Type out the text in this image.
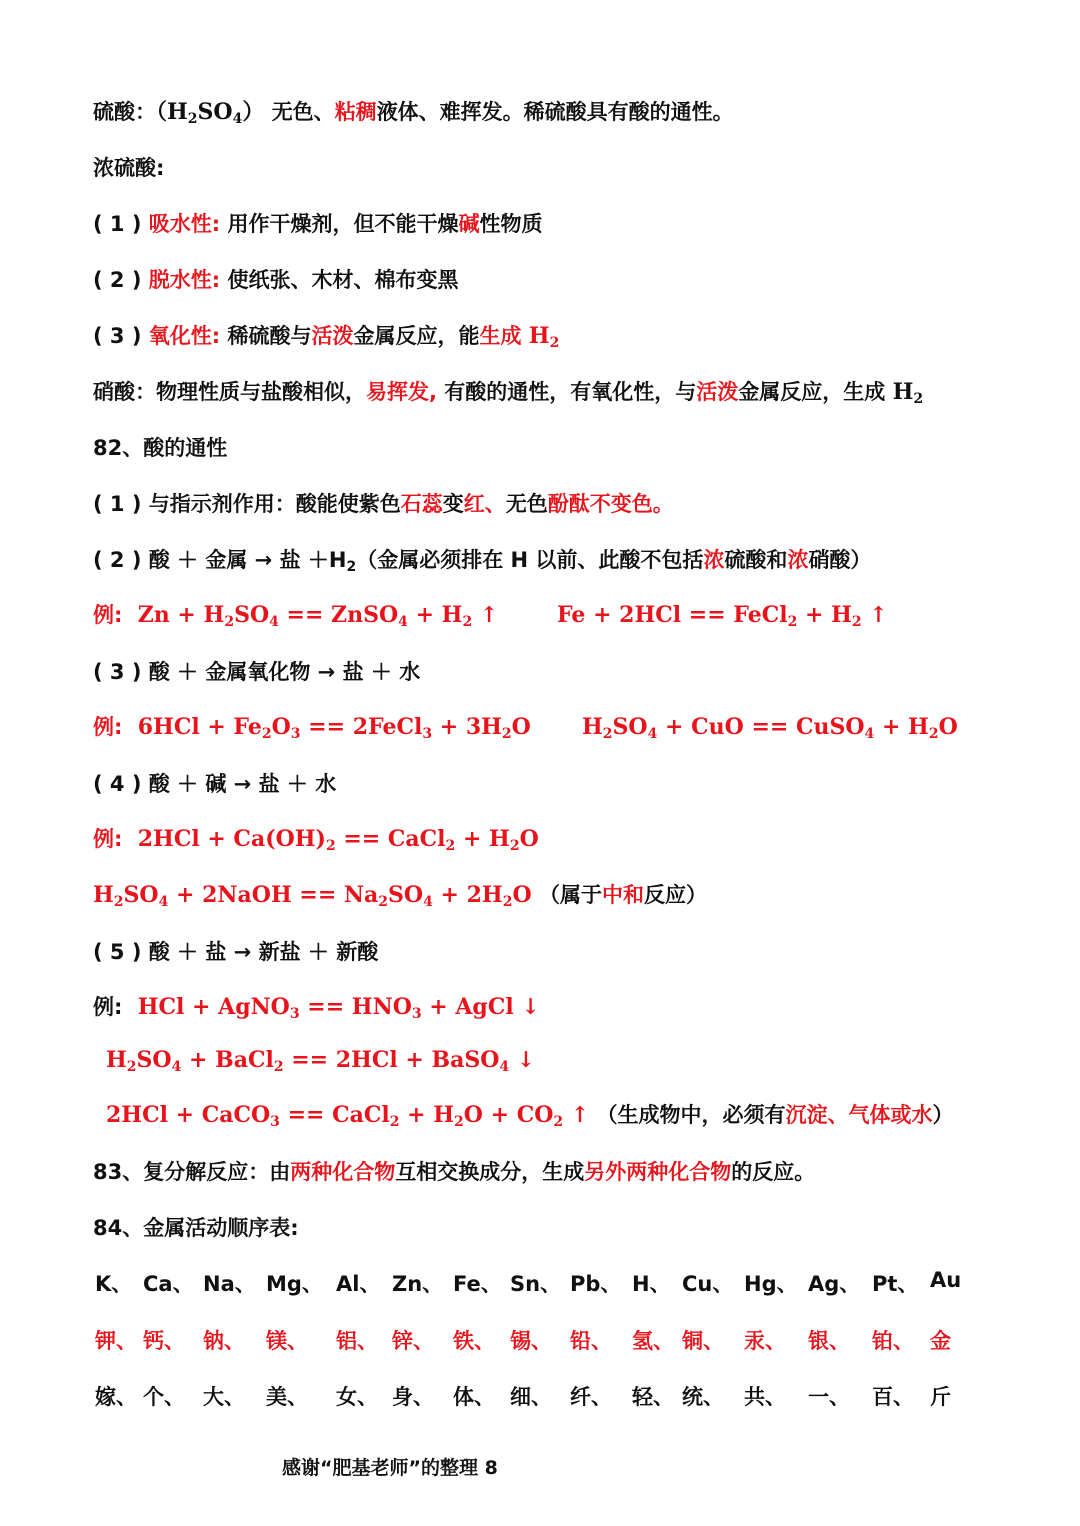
硫酸：$(H_2SO_4)$ 无色、粘稠液体、难挥发。稀硫酸具有酸的通性。
浓硫酸:
( 1 ) 吸水性: 用作干燥剂，但不能干燥碱性物质
( 2 ) 脱水性: 使纸张、木材、棉布变黑
( 3 ) 氧化性: 稀硫酸与活泼金属反应，能生成 $H_2$
硝酸：物理性质与盐酸相似，易挥发, 有酸的通性，有氧化性，与活泼金属反应，生成 $H_2$
82、酸的通性
( 1 ) 与指示剂作用：酸能使紫色石蕊变红、无色酚酞不变色。
( 2 ) 酸 ＋ 金属 → 盐 $+H_2$（金属必须排在 H 以前、此酸不包括浓硫酸和浓硝酸）
例: $Zn + H_2SO_4$ == ZnSO$_4$ + $H_2$ ↑	Fe + 2HCl == FeCl$_2$ + $H_2$ ↑
( 3 ) 酸 ＋ 金属氧化物 → 盐 ＋ 水
例: $6HCl + Fe_2O_3$ == 2FeCl$_3$ + $3H_2O$ $H_2SO_4$ + CuO == CuSO$_4$ + $H_2O$
( 4 ) 酸 ＋ 碱 → 盐 ＋ 水
例: $2HCl + Ca(OH)_2$ == CaCl$_2$ + $H_2O$
$H_2SO_4$ + 2NaOH == $Na_2SO_4 + 2H_2O$ （属于中和反应）
( 5 ) 酸 ＋ 盐 → 新盐 ＋ 新酸
例: HCl + AgNO$_3$ == $HNO_3$ + AgCl ↓
$H_2SO_4$ + BaCl$_2$ == 2HCl + BaSO$_4$ ↓
2HCl + CaCO$_3$ == CaCl$_2$ + $H_2O + CO_2$ ↑ （生成物中，必须有沉淀、气体或水）
83、复分解反应：由两种化合物互相交换成分，生成另外两种化合物的反应。
84、金属活动顺序表:
K、 Ca、 Na、 Mg、 Al、 Zn、 Fe、 Sn、 Pb、 H、 Cu、 Hg、 Ag、 Pt、 Au
钾、 钙、 钠、 镁、 铝、 锌、 铁、 锡、 铅、 氢、 铜、 汞、 银、 铂、 金
嫁、 个、 大、 美、 女、 身、 体、 细、 纤、 轻、 统、 共、 一、 百、 斤
感谢“肥基老师”的整理 8
